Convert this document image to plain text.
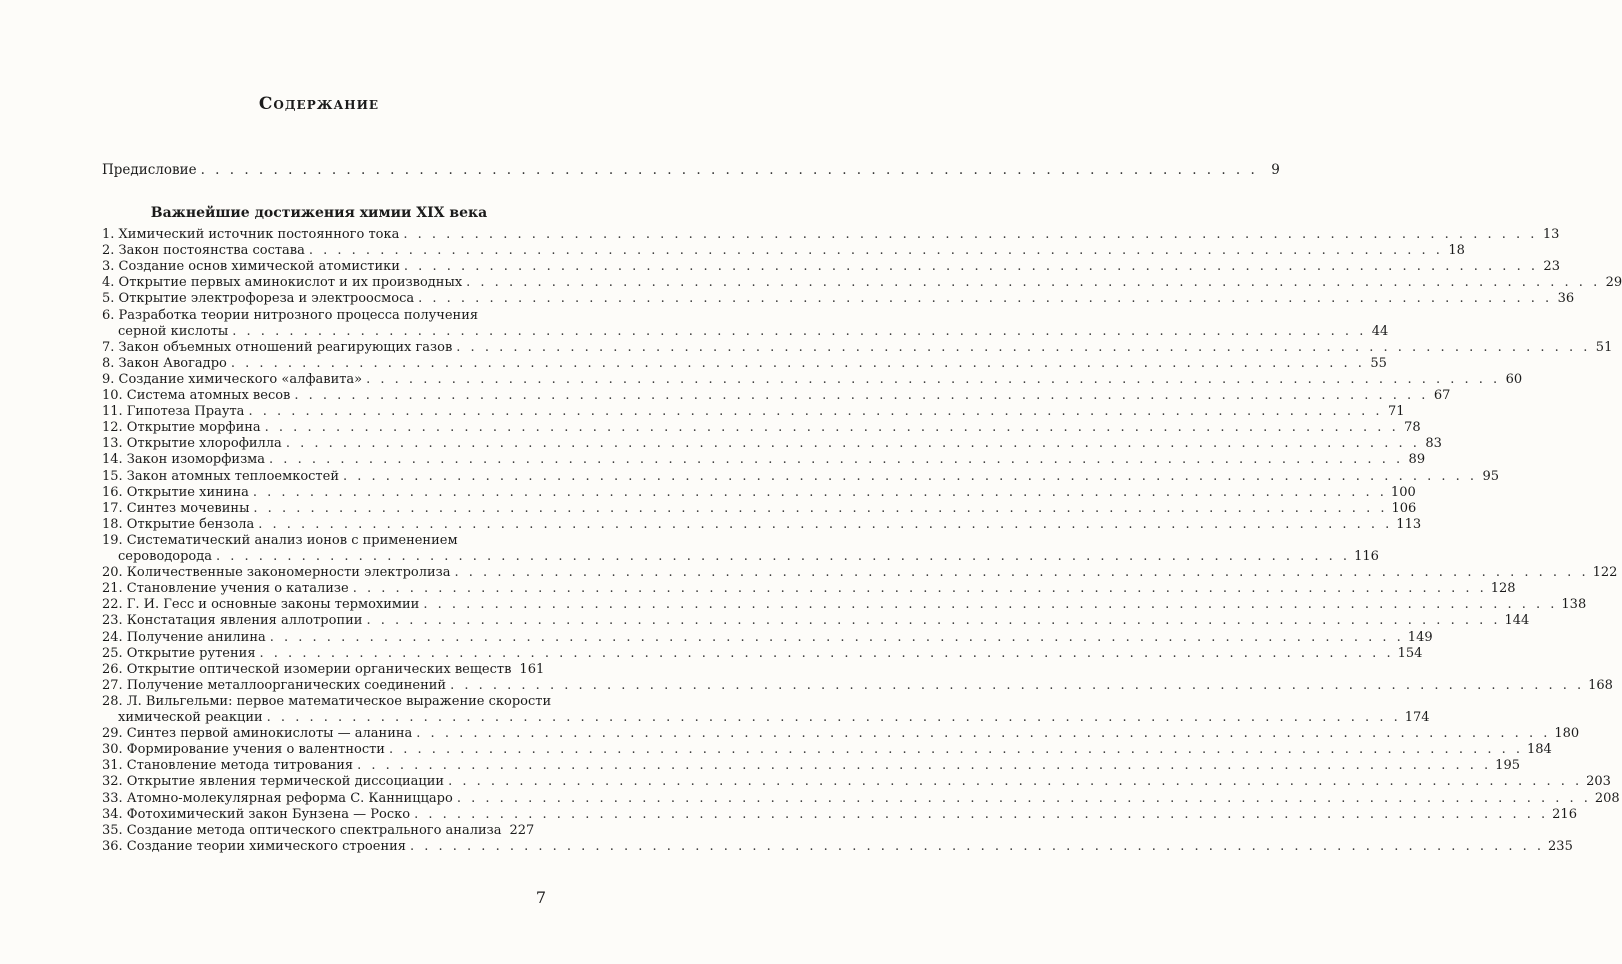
Содержание
Предисловие . . . . . . . . . . . . . . . . . . . . . . . . . . . . . . . . . . . . . . . . . . . . . . . . . . . . . . . . . . . . . . . . . . . . . . . . . 9
Важнейшие достижения химии XIX века
1. Химический источник постоянного тока . . . . . . . . . . . . . . . . . . . . . . . . . . . . . . . . . . . . . . . . . . . . . . . . . . . . . . . . . . . . . . . . . . . . . . . . . . . . . . . . 13
2. Закон постоянства состава . . . . . . . . . . . . . . . . . . . . . . . . . . . . . . . . . . . . . . . . . . . . . . . . . . . . . . . . . . . . . . . . . . . . . . . . . . . . . . . . 18
3. Создание основ химической атомистики . . . . . . . . . . . . . . . . . . . . . . . . . . . . . . . . . . . . . . . . . . . . . . . . . . . . . . . . . . . . . . . . . . . . . . . . . . . . . . . . 23
4. Открытие первых аминокислот и их производных . . . . . . . . . . . . . . . . . . . . . . . . . . . . . . . . . . . . . . . . . . . . . . . . . . . . . . . . . . . . . . . . . . . . . . . . . . . . . . . . 29
5. Открытие электрофореза и электроосмоса . . . . . . . . . . . . . . . . . . . . . . . . . . . . . . . . . . . . . . . . . . . . . . . . . . . . . . . . . . . . . . . . . . . . . . . . . . . . . . . . 36
6. Разработка теории нитрозного процесса получения
серной кислоты . . . . . . . . . . . . . . . . . . . . . . . . . . . . . . . . . . . . . . . . . . . . . . . . . . . . . . . . . . . . . . . . . . . . . . . . . . . . . . . . 44
7. Закон объемных отношений реагирующих газов . . . . . . . . . . . . . . . . . . . . . . . . . . . . . . . . . . . . . . . . . . . . . . . . . . . . . . . . . . . . . . . . . . . . . . . . . . . . . . . . 51
8. Закон Авогадро . . . . . . . . . . . . . . . . . . . . . . . . . . . . . . . . . . . . . . . . . . . . . . . . . . . . . . . . . . . . . . . . . . . . . . . . . . . . . . . . 55
9. Создание химического «алфавита» . . . . . . . . . . . . . . . . . . . . . . . . . . . . . . . . . . . . . . . . . . . . . . . . . . . . . . . . . . . . . . . . . . . . . . . . . . . . . . . . 60
10. Система атомных весов . . . . . . . . . . . . . . . . . . . . . . . . . . . . . . . . . . . . . . . . . . . . . . . . . . . . . . . . . . . . . . . . . . . . . . . . . . . . . . . . 67
11. Гипотеза Праута . . . . . . . . . . . . . . . . . . . . . . . . . . . . . . . . . . . . . . . . . . . . . . . . . . . . . . . . . . . . . . . . . . . . . . . . . . . . . . . . 71
12. Открытие морфина . . . . . . . . . . . . . . . . . . . . . . . . . . . . . . . . . . . . . . . . . . . . . . . . . . . . . . . . . . . . . . . . . . . . . . . . . . . . . . . . 78
13. Открытие хлорофилла . . . . . . . . . . . . . . . . . . . . . . . . . . . . . . . . . . . . . . . . . . . . . . . . . . . . . . . . . . . . . . . . . . . . . . . . . . . . . . . . 83
14. Закон изоморфизма . . . . . . . . . . . . . . . . . . . . . . . . . . . . . . . . . . . . . . . . . . . . . . . . . . . . . . . . . . . . . . . . . . . . . . . . . . . . . . . . 89
15. Закон атомных теплоемкостей . . . . . . . . . . . . . . . . . . . . . . . . . . . . . . . . . . . . . . . . . . . . . . . . . . . . . . . . . . . . . . . . . . . . . . . . . . . . . . . . 95
16. Открытие хинина . . . . . . . . . . . . . . . . . . . . . . . . . . . . . . . . . . . . . . . . . . . . . . . . . . . . . . . . . . . . . . . . . . . . . . . . . . . . . . . . 100
17. Синтез мочевины . . . . . . . . . . . . . . . . . . . . . . . . . . . . . . . . . . . . . . . . . . . . . . . . . . . . . . . . . . . . . . . . . . . . . . . . . . . . . . . . 106
18. Открытие бензола . . . . . . . . . . . . . . . . . . . . . . . . . . . . . . . . . . . . . . . . . . . . . . . . . . . . . . . . . . . . . . . . . . . . . . . . . . . . . . . . 113
19. Систематический анализ ионов с применением
сероводорода . . . . . . . . . . . . . . . . . . . . . . . . . . . . . . . . . . . . . . . . . . . . . . . . . . . . . . . . . . . . . . . . . . . . . . . . . . . . . . . . 116
20. Количественные закономерности электролиза . . . . . . . . . . . . . . . . . . . . . . . . . . . . . . . . . . . . . . . . . . . . . . . . . . . . . . . . . . . . . . . . . . . . . . . . . . . . . . . . 122
21. Становление учения о катализе . . . . . . . . . . . . . . . . . . . . . . . . . . . . . . . . . . . . . . . . . . . . . . . . . . . . . . . . . . . . . . . . . . . . . . . . . . . . . . . . 128
22. Г. И. Гесс и основные законы термохимии . . . . . . . . . . . . . . . . . . . . . . . . . . . . . . . . . . . . . . . . . . . . . . . . . . . . . . . . . . . . . . . . . . . . . . . . . . . . . . . . 138
23. Констатация явления аллотропии . . . . . . . . . . . . . . . . . . . . . . . . . . . . . . . . . . . . . . . . . . . . . . . . . . . . . . . . . . . . . . . . . . . . . . . . . . . . . . . . 144
24. Получение анилина . . . . . . . . . . . . . . . . . . . . . . . . . . . . . . . . . . . . . . . . . . . . . . . . . . . . . . . . . . . . . . . . . . . . . . . . . . . . . . . . 149
25. Открытие рутения . . . . . . . . . . . . . . . . . . . . . . . . . . . . . . . . . . . . . . . . . . . . . . . . . . . . . . . . . . . . . . . . . . . . . . . . . . . . . . . . 154
26. Открытие оптической изомерии органических веществ 161
27. Получение металлоорганических соединений . . . . . . . . . . . . . . . . . . . . . . . . . . . . . . . . . . . . . . . . . . . . . . . . . . . . . . . . . . . . . . . . . . . . . . . . . . . . . . . . 168
28. Л. Вильгельми: первое математическое выражение скорости
химической реакции . . . . . . . . . . . . . . . . . . . . . . . . . . . . . . . . . . . . . . . . . . . . . . . . . . . . . . . . . . . . . . . . . . . . . . . . . . . . . . . . 174
29. Синтез первой аминокислоты — аланина . . . . . . . . . . . . . . . . . . . . . . . . . . . . . . . . . . . . . . . . . . . . . . . . . . . . . . . . . . . . . . . . . . . . . . . . . . . . . . . . 180
30. Формирование учения о валентности . . . . . . . . . . . . . . . . . . . . . . . . . . . . . . . . . . . . . . . . . . . . . . . . . . . . . . . . . . . . . . . . . . . . . . . . . . . . . . . . 184
31. Становление метода титрования . . . . . . . . . . . . . . . . . . . . . . . . . . . . . . . . . . . . . . . . . . . . . . . . . . . . . . . . . . . . . . . . . . . . . . . . . . . . . . . . 195
32. Открытие явления термической диссоциации . . . . . . . . . . . . . . . . . . . . . . . . . . . . . . . . . . . . . . . . . . . . . . . . . . . . . . . . . . . . . . . . . . . . . . . . . . . . . . . . 203
33. Атомно-молекулярная реформа С. Канниццаро . . . . . . . . . . . . . . . . . . . . . . . . . . . . . . . . . . . . . . . . . . . . . . . . . . . . . . . . . . . . . . . . . . . . . . . . . . . . . . . . 208
34. Фотохимический закон Бунзена — Роско . . . . . . . . . . . . . . . . . . . . . . . . . . . . . . . . . . . . . . . . . . . . . . . . . . . . . . . . . . . . . . . . . . . . . . . . . . . . . . . . 216
35. Создание метода оптического спектрального анализа 227
36. Создание теории химического строения . . . . . . . . . . . . . . . . . . . . . . . . . . . . . . . . . . . . . . . . . . . . . . . . . . . . . . . . . . . . . . . . . . . . . . . . . . . . . . . . 235
7
